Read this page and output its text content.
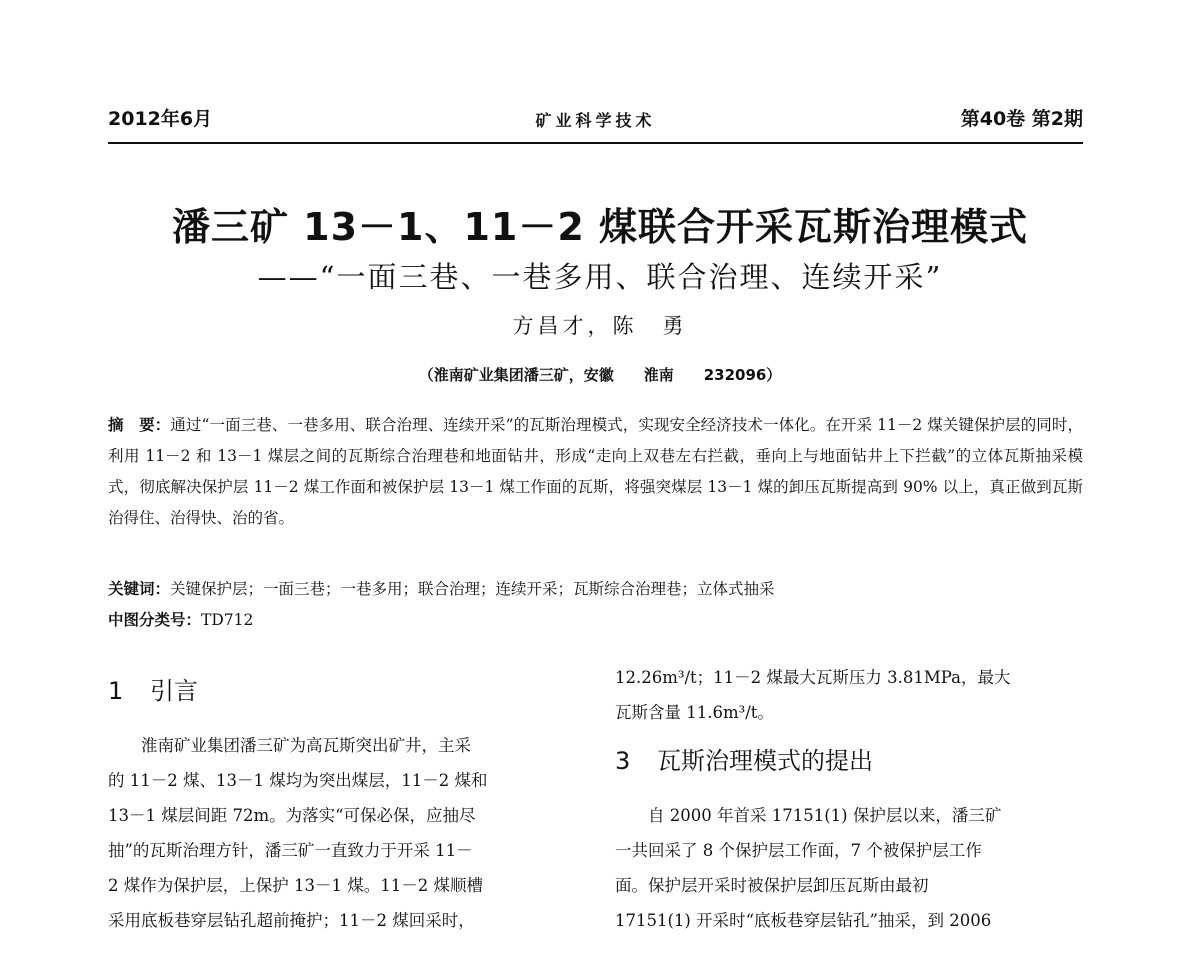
2012年6月	矿业科学技术	第40卷 第2期
潘三矿 13－1、11－2 煤联合开采瓦斯治理模式
——“一面三巷、一巷多用、联合治理、连续开采”
方昌才，陈　勇
（淮南矿业集团潘三矿，安徽　　淮南　　232096）
摘　要：通过“一面三巷、一巷多用、联合治理、连续开采”的瓦斯治理模式，实现安全经济技术一体化。在开采 11－2 煤关键保护层的同时，利用 11－2 和 13－1 煤层之间的瓦斯综合治理巷和地面钻井，形成“走向上双巷左右拦截，垂向上与地面钻井上下拦截”的立体瓦斯抽采模式，彻底解决保护层 11－2 煤工作面和被保护层 13－1 煤工作面的瓦斯，将强突煤层 13－1 煤的卸压瓦斯提高到 90% 以上，真正做到瓦斯治得住、治得快、治的省。
关键词：关键保护层；一面三巷；一巷多用；联合治理；连续开采；瓦斯综合治理巷；立体式抽采
中图分类号：TD712
1 引言
淮南矿业集团潘三矿为高瓦斯突出矿井，主采
的 11－2 煤、13－1 煤均为突出煤层，11－2 煤和
13－1 煤层间距 72m。为落实“可保必保，应抽尽
抽”的瓦斯治理方针，潘三矿一直致力于开采 11－
2 煤作为保护层，上保护 13－1 煤。11－2 煤顺槽
采用底板巷穿层钻孔超前掩护；11－2 煤回采时，
12.26m³/t；11－2 煤最大瓦斯压力 3.81MPa，最大
瓦斯含量 11.6m³/t。
3 瓦斯治理模式的提出
自 2000 年首采 17151(1) 保护层以来，潘三矿
一共回采了 8 个保护层工作面，7 个被保护层工作
面。保护层开采时被保护层卸压瓦斯由最初
17151(1) 开采时“底板巷穿层钻孔”抽采，到 2006
